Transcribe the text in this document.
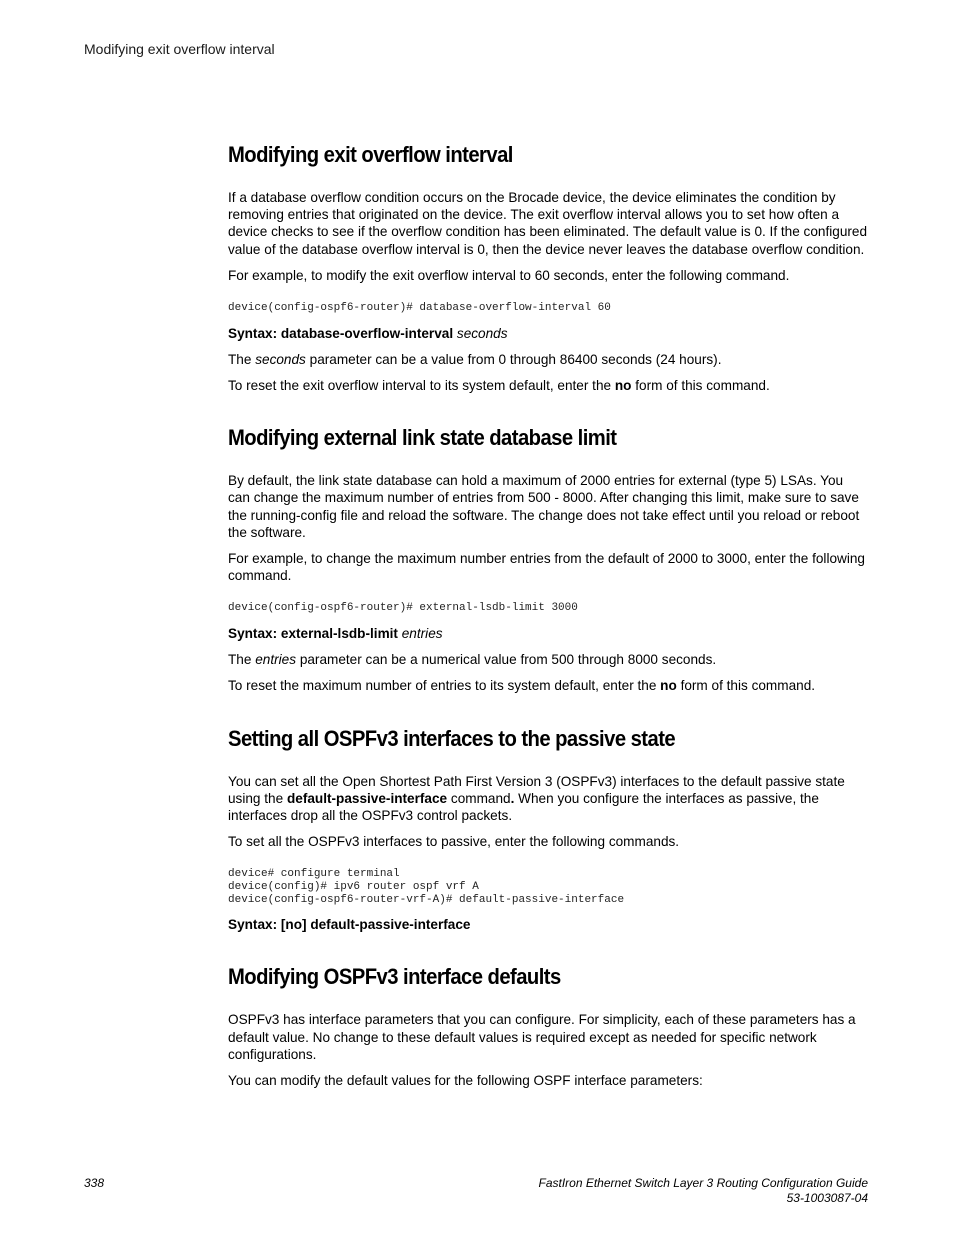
Modifying exit overflow interval
Modifying exit overflow interval

If a database overflow condition occurs on the Brocade device, the device eliminates the condition by removing entries that originated on the device. The exit overflow interval allows you to set how often a device checks to see if the overflow condition has been eliminated. The default value is 0. If the configured value of the database overflow interval is 0, then the device never leaves the database overflow condition.

For example, to modify the exit overflow interval to 60 seconds, enter the following command.

device(config-ospf6-router)# database-overflow-interval 60

Syntax: database-overflow-interval seconds

The seconds parameter can be a value from 0 through 86400 seconds (24 hours).

To reset the exit overflow interval to its system default, enter the no form of this command.

Modifying external link state database limit

By default, the link state database can hold a maximum of 2000 entries for external (type 5) LSAs. You can change the maximum number of entries from 500 - 8000. After changing this limit, make sure to save the running-config file and reload the software. The change does not take effect until you reload or reboot the software.

For example, to change the maximum number entries from the default of 2000 to 3000, enter the following command.

device(config-ospf6-router)# external-lsdb-limit 3000

Syntax: external-lsdb-limit entries

The entries parameter can be a numerical value from 500 through 8000 seconds.

To reset the maximum number of entries to its system default, enter the no form of this command.

Setting all OSPFv3 interfaces to the passive state

You can set all the Open Shortest Path First Version 3 (OSPFv3) interfaces to the default passive state using the default-passive-interface command. When you configure the interfaces as passive, the interfaces drop all the OSPFv3 control packets.

To set all the OSPFv3 interfaces to passive, enter the following commands.

device# configure terminal
device(config)# ipv6 router ospf vrf A
device(config-ospf6-router-vrf-A)# default-passive-interface

Syntax: [no] default-passive-interface

Modifying OSPFv3 interface defaults

OSPFv3 has interface parameters that you can configure. For simplicity, each of these parameters has a default value. No change to these default values is required except as needed for specific network configurations.

You can modify the default values for the following OSPF interface parameters:

338	FastIron Ethernet Switch Layer 3 Routing Configuration Guide
53-1003087-04
